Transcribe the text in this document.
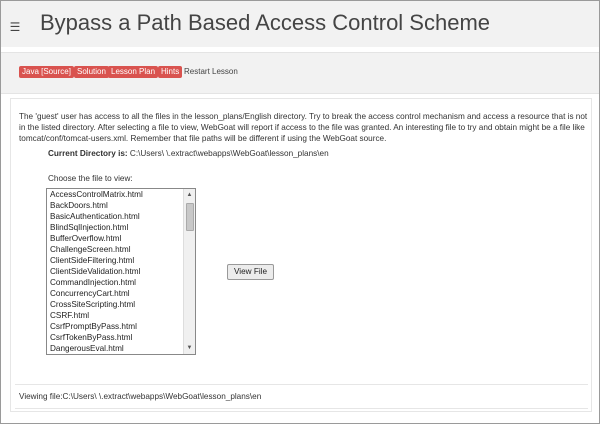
☰ Bypass a Path Based Access Control Scheme
Java [Source] Solution Lesson Plan Hints Restart Lesson
The 'guest' user has access to all the files in the lesson_plans/English directory. Try to break the access control mechanism and access a resource that is not in the listed directory. After selecting a file to view, WebGoat will report if access to the file was granted. An interesting file to try and obtain might be a file like tomcat/conf/tomcat-users.xml. Remember that file paths will be different if using the WebGoat source.
Current Directory is: C:\Users\ \.extract\webapps\WebGoat\lesson_plans\en
Choose the file to view:
AccessControlMatrix.html
BackDoors.html
BasicAuthentication.html
BlindSqlInjection.html
BufferOverflow.html
ChallengeScreen.html
ClientSideFiltering.html
ClientSideValidation.html
CommandInjection.html
ConcurrencyCart.html
CrossSiteScripting.html
CSRF.html
CsrfPromptByPass.html
CsrfTokenByPass.html
DangerousEval.html
▲
▼
View File
Viewing file:C:\Users\ \.extract\webapps\WebGoat\lesson_plans\en
